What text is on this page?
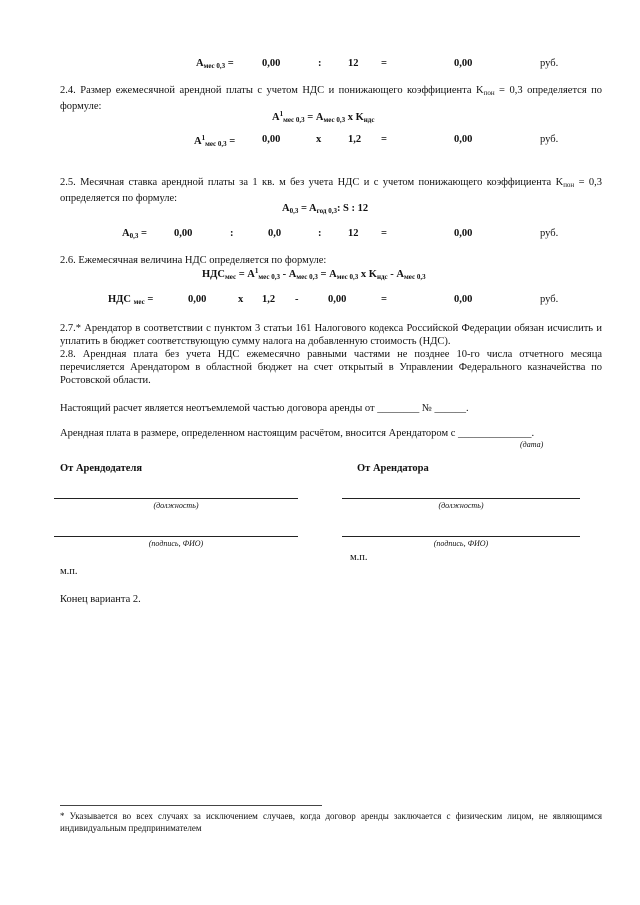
$A_{мес 0,3}$ =	0,00	:	12 =	0,00	руб.
2.4. Размер ежемесячной арендной платы с учетом НДС и понижающего коэффициента $K_{пон} = 0,3$ определяется по формуле:
$A^1_{мес 0,3} = A_{мес 0,3}$ x $K_{ндс}$
$A^1_{мес 0,3}$ =	0,00	x	1,2 =	0,00	руб.
2.5. Месячная ставка арендной платы за 1 кв. м без учета НДС и с учетом понижающего коэффициента $K_{пон} = 0,3$ определяется по формуле:
$A_{0,3} = A_{год 0,3}$: S : 12
$A_{0,3}$ =	0,00	:	0,0	:	12 =	0,00	руб.
2.6. Ежемесячная величина НДС определяется по формуле:
$НДС_{мес} = A^1_{мес 0,3} - A_{мес 0,3} = A_{мес 0,3}$ x $K_{ндс} - A_{мес 0,3}$
НДС $_{мес}$ =	0,00	x 1,2 -	0,00	=	0,00	руб.
2.7.* Арендатор в соответствии с пунктом 3 статьи 161 Налогового кодекса Российской Федерации обязан исчислить и уплатить в бюджет соответствующую сумму налога на добавленную стоимость (НДС).
2.8. Арендная плата без учета НДС ежемесячно равными частями не позднее 10-го числа отчетного месяца перечисляется Арендатором в областной бюджет на счет открытый в Управлении Федерального казначейства по Ростовской области.
Настоящий расчет является неотъемлемой частью договора аренды от ________ № ______.
Арендная плата в размере, определенном настоящим расчётом, вносится Арендатором с ______________.
(дата)
От Арендодателя	От Арендатора
(должность)	(должность)
(подпись, ФИО)	(подпись, ФИО)
м.п.
м.п.
Конец варианта 2.
* Указывается во всех случаях за исключением случаев, когда договор аренды заключается с физическим лицом, не являющимся индивидуальным предпринимателем
